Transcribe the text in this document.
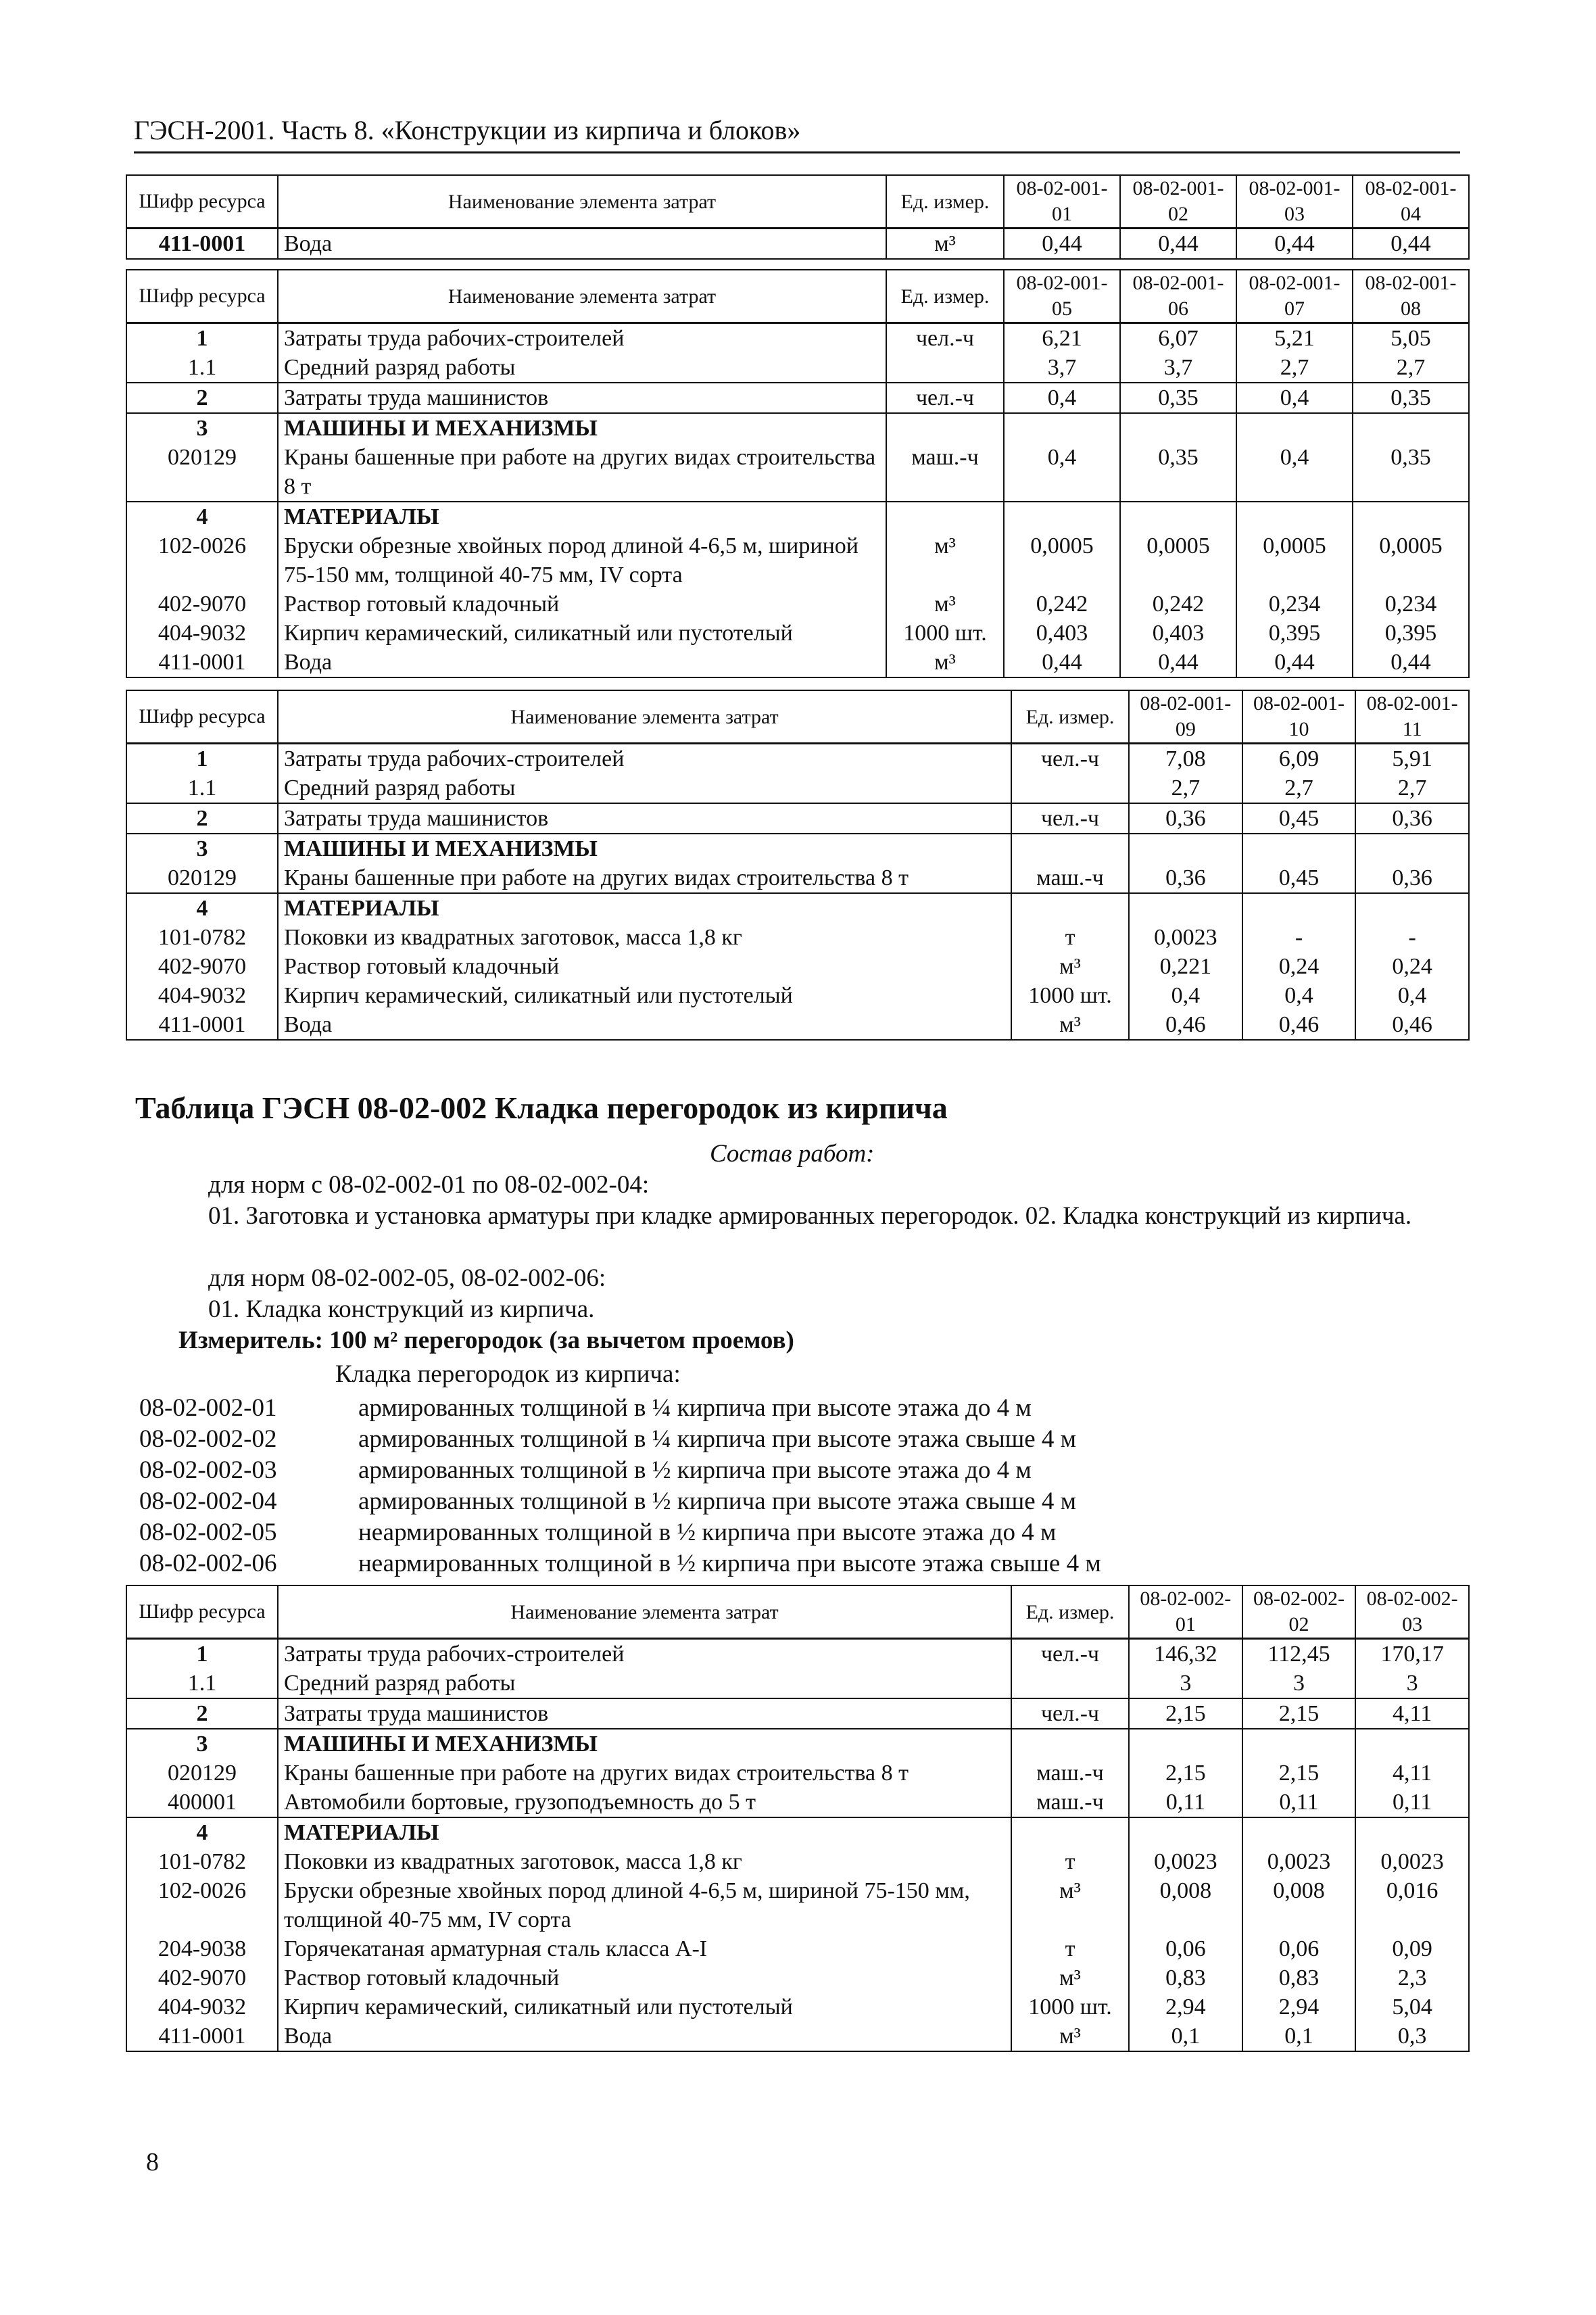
ГЭСН-2001. Часть 8. «Конструкции из кирпича и блоков»
Шифр ресурса	Наименование элемента затрат	Ед. измер.	08-02-001-01	08-02-001-02	08-02-001-03	08-02-001-04
411-0001	Вода	м³	0,44	0,44	0,44	0,44
Шифр ресурса	Наименование элемента затрат	Ед. измер.	08-02-001-05	08-02-001-06	08-02-001-07	08-02-001-08
1	Затраты труда рабочих-строителей	чел.-ч	6,21	6,07	5,21	5,05
1.1	Средний разряд работы		3,7	3,7	2,7	2,7
2	Затраты труда машинистов	чел.-ч	0,4	0,35	0,4	0,35
3	МАШИНЫ И МЕХАНИЗМЫ					
020129	Краны башенные при работе на других видах строительства 8 т	маш.-ч	0,4	0,35	0,4	0,35
4	МАТЕРИАЛЫ					
102-0026	Бруски обрезные хвойных пород длиной 4-6,5 м, шириной 75-150 мм, толщиной 40-75 мм, IV сорта	м³	0,0005	0,0005	0,0005	0,0005
402-9070	Раствор готовый кладочный	м³	0,242	0,242	0,234	0,234
404-9032	Кирпич керамический, силикатный или пустотелый	1000 шт.	0,403	0,403	0,395	0,395
411-0001	Вода	м³	0,44	0,44	0,44	0,44
Шифр ресурса	Наименование элемента затрат	Ед. измер.	08-02-001-09	08-02-001-10	08-02-001-11
1	Затраты труда рабочих-строителей	чел.-ч	7,08	6,09	5,91
1.1	Средний разряд работы		2,7	2,7	2,7
2	Затраты труда машинистов	чел.-ч	0,36	0,45	0,36
3	МАШИНЫ И МЕХАНИЗМЫ				
020129	Краны башенные при работе на других видах строительства 8 т	маш.-ч	0,36	0,45	0,36
4	МАТЕРИАЛЫ				
101-0782	Поковки из квадратных заготовок, масса 1,8 кг	т	0,0023	-	-
402-9070	Раствор готовый кладочный	м³	0,221	0,24	0,24
404-9032	Кирпич керамический, силикатный или пустотелый	1000 шт.	0,4	0,4	0,4
411-0001	Вода	м³	0,46	0,46	0,46
Таблица ГЭСН 08-02-002 Кладка перегородок из кирпича
Состав работ:
для норм с 08-02-002-01 по 08-02-002-04:
01. Заготовка и установка арматуры при кладке армированных перегородок. 02. Кладка конструкций из кирпича.
для норм 08-02-002-05, 08-02-002-06:
01. Кладка конструкций из кирпича.
Измеритель: 100 м² перегородок (за вычетом проемов)
Кладка перегородок из кирпича:
08-02-002-01	армированных толщиной в ¼ кирпича при высоте этажа до 4 м
08-02-002-02	армированных толщиной в ¼ кирпича при высоте этажа свыше 4 м
08-02-002-03	армированных толщиной в ½ кирпича при высоте этажа до 4 м
08-02-002-04	армированных толщиной в ½ кирпича при высоте этажа свыше 4 м
08-02-002-05	неармированных толщиной в ½ кирпича при высоте этажа до 4 м
08-02-002-06	неармированных толщиной в ½ кирпича при высоте этажа свыше 4 м
Шифр ресурса	Наименование элемента затрат	Ед. измер.	08-02-002-01	08-02-002-02	08-02-002-03
1	Затраты труда рабочих-строителей	чел.-ч	146,32	112,45	170,17
1.1	Средний разряд работы		3	3	3
2	Затраты труда машинистов	чел.-ч	2,15	2,15	4,11
3	МАШИНЫ И МЕХАНИЗМЫ				
020129	Краны башенные при работе на других видах строительства 8 т	маш.-ч	2,15	2,15	4,11
400001	Автомобили бортовые, грузоподъемность до 5 т	маш.-ч	0,11	0,11	0,11
4	МАТЕРИАЛЫ				
101-0782	Поковки из квадратных заготовок, масса 1,8 кг	т	0,0023	0,0023	0,0023
102-0026	Бруски обрезные хвойных пород длиной 4-6,5 м, шириной 75-150 мм, толщиной 40-75 мм, IV сорта	м³	0,008	0,008	0,016
204-9038	Горячекатаная арматурная сталь класса А-I	т	0,06	0,06	0,09
402-9070	Раствор готовый кладочный	м³	0,83	0,83	2,3
404-9032	Кирпич керамический, силикатный или пустотелый	1000 шт.	2,94	2,94	5,04
411-0001	Вода	м³	0,1	0,1	0,3
8
